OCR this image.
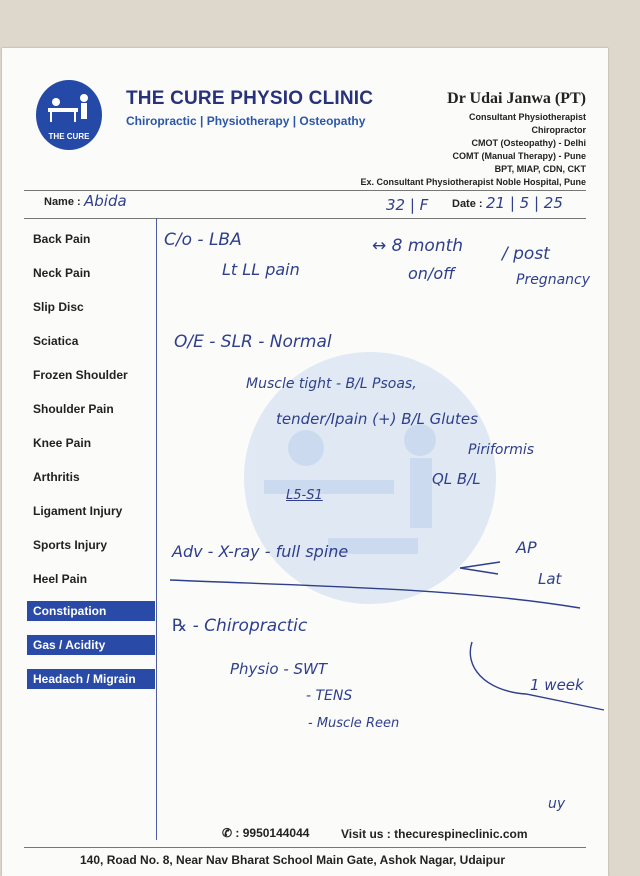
THE CURE
THE CURE PHYSIO CLINIC
Chiropractic | Physiotherapy | Osteopathy
Dr Udai Janwa (PT)
Consultant Physiotherapist
Chiropractor
CMOT (Osteopathy) - Delhi
COMT (Manual Therapy) - Pune
BPT, MIAP, CDN, CKT
Ex. Consultant Physiotherapist Noble Hospital, Pune
Name : Abida	32 | F Date : 21 | 5 | 25
Back Pain
Neck Pain
Slip Disc
Sciatica
Frozen Shoulder
Shoulder Pain
Knee Pain
Arthritis
Ligament Injury
Sports Injury
Heel Pain
Constipation
Gas / Acidity
Headach / Migrain
C/o - LBA
Lt LL pain
↔ 8 month
on/off
/ post
Pregnancy
O/E - SLR - Normal
Muscle tight - B/L Psoas,
tender/Ipain (+) B/L Glutes
Piriformis
QL B/L
L5-S1
Adv - X-ray - full spine	AP
Lat
℞ - Chiropractic
Physio - SWT
- TENS
- Muscle Reen
1 week
uy
✆ : 9950144044	Visit us : thecurespineclinic.com
140, Road No. 8, Near Nav Bharat School Main Gate, Ashok Nagar, Udaipur
